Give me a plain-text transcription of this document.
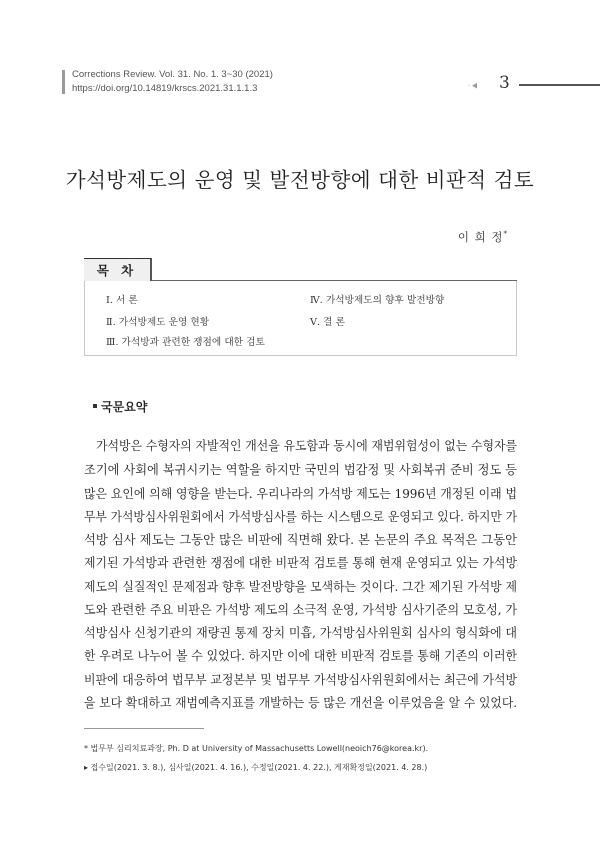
Corrections Review. Vol. 31. No. 1. 3~30 (2021)
https://doi.org/10.14819/krscs.2021.31.1.1.3	ㆍ◀ 3
가석방제도의 운영 및 발전방향에 대한 비판적 검토
이 희 정*
목 차
Ⅰ. 서 론
Ⅱ. 가석방제도 운영 현황
Ⅲ. 가석방과 관련한 쟁점에 대한 검토
Ⅳ. 가석방제도의 향후 발전방향
Ⅴ. 결 론
국문요약
가석방은 수형자의 자발적인 개선을 유도함과 동시에 재범위험성이 없는 수형자를
조기에 사회에 복귀시키는 역할을 하지만 국민의 법감정 및 사회복귀 준비 정도 등
많은 요인에 의해 영향을 받는다. 우리나라의 가석방 제도는 1996년 개정된 이래 법
무부 가석방심사위원회에서 가석방심사를 하는 시스템으로 운영되고 있다. 하지만 가
석방 심사 제도는 그동안 많은 비판에 직면해 왔다. 본 논문의 주요 목적은 그동안
제기된 가석방과 관련한 쟁점에 대한 비판적 검토를 통해 현재 운영되고 있는 가석방
제도의 실질적인 문제점과 향후 발전방향을 모색하는 것이다. 그간 제기된 가석방 제
도와 관련한 주요 비판은 가석방 제도의 소극적 운영, 가석방 심사기준의 모호성, 가
석방심사 신청기관의 재량권 통제 장치 미흡, 가석방심사위원회 심사의 형식화에 대
한 우려로 나누어 볼 수 있었다. 하지만 이에 대한 비판적 검토를 통해 기존의 이러한
비판에 대응하여 법무부 교정본부 및 법무부 가석방심사위원회에서는 최근에 가석방
을 보다 확대하고 재범예측지표를 개발하는 등 많은 개선을 이루었음을 알 수 있었다.
* 법무부 심리치료과장, Ph. D at University of Massachusetts Lowell(neoich76@korea.kr).
▸ 접수일(2021. 3. 8.), 심사일(2021. 4. 16.), 수정일(2021. 4. 22.), 게재확정일(2021. 4. 28.)
